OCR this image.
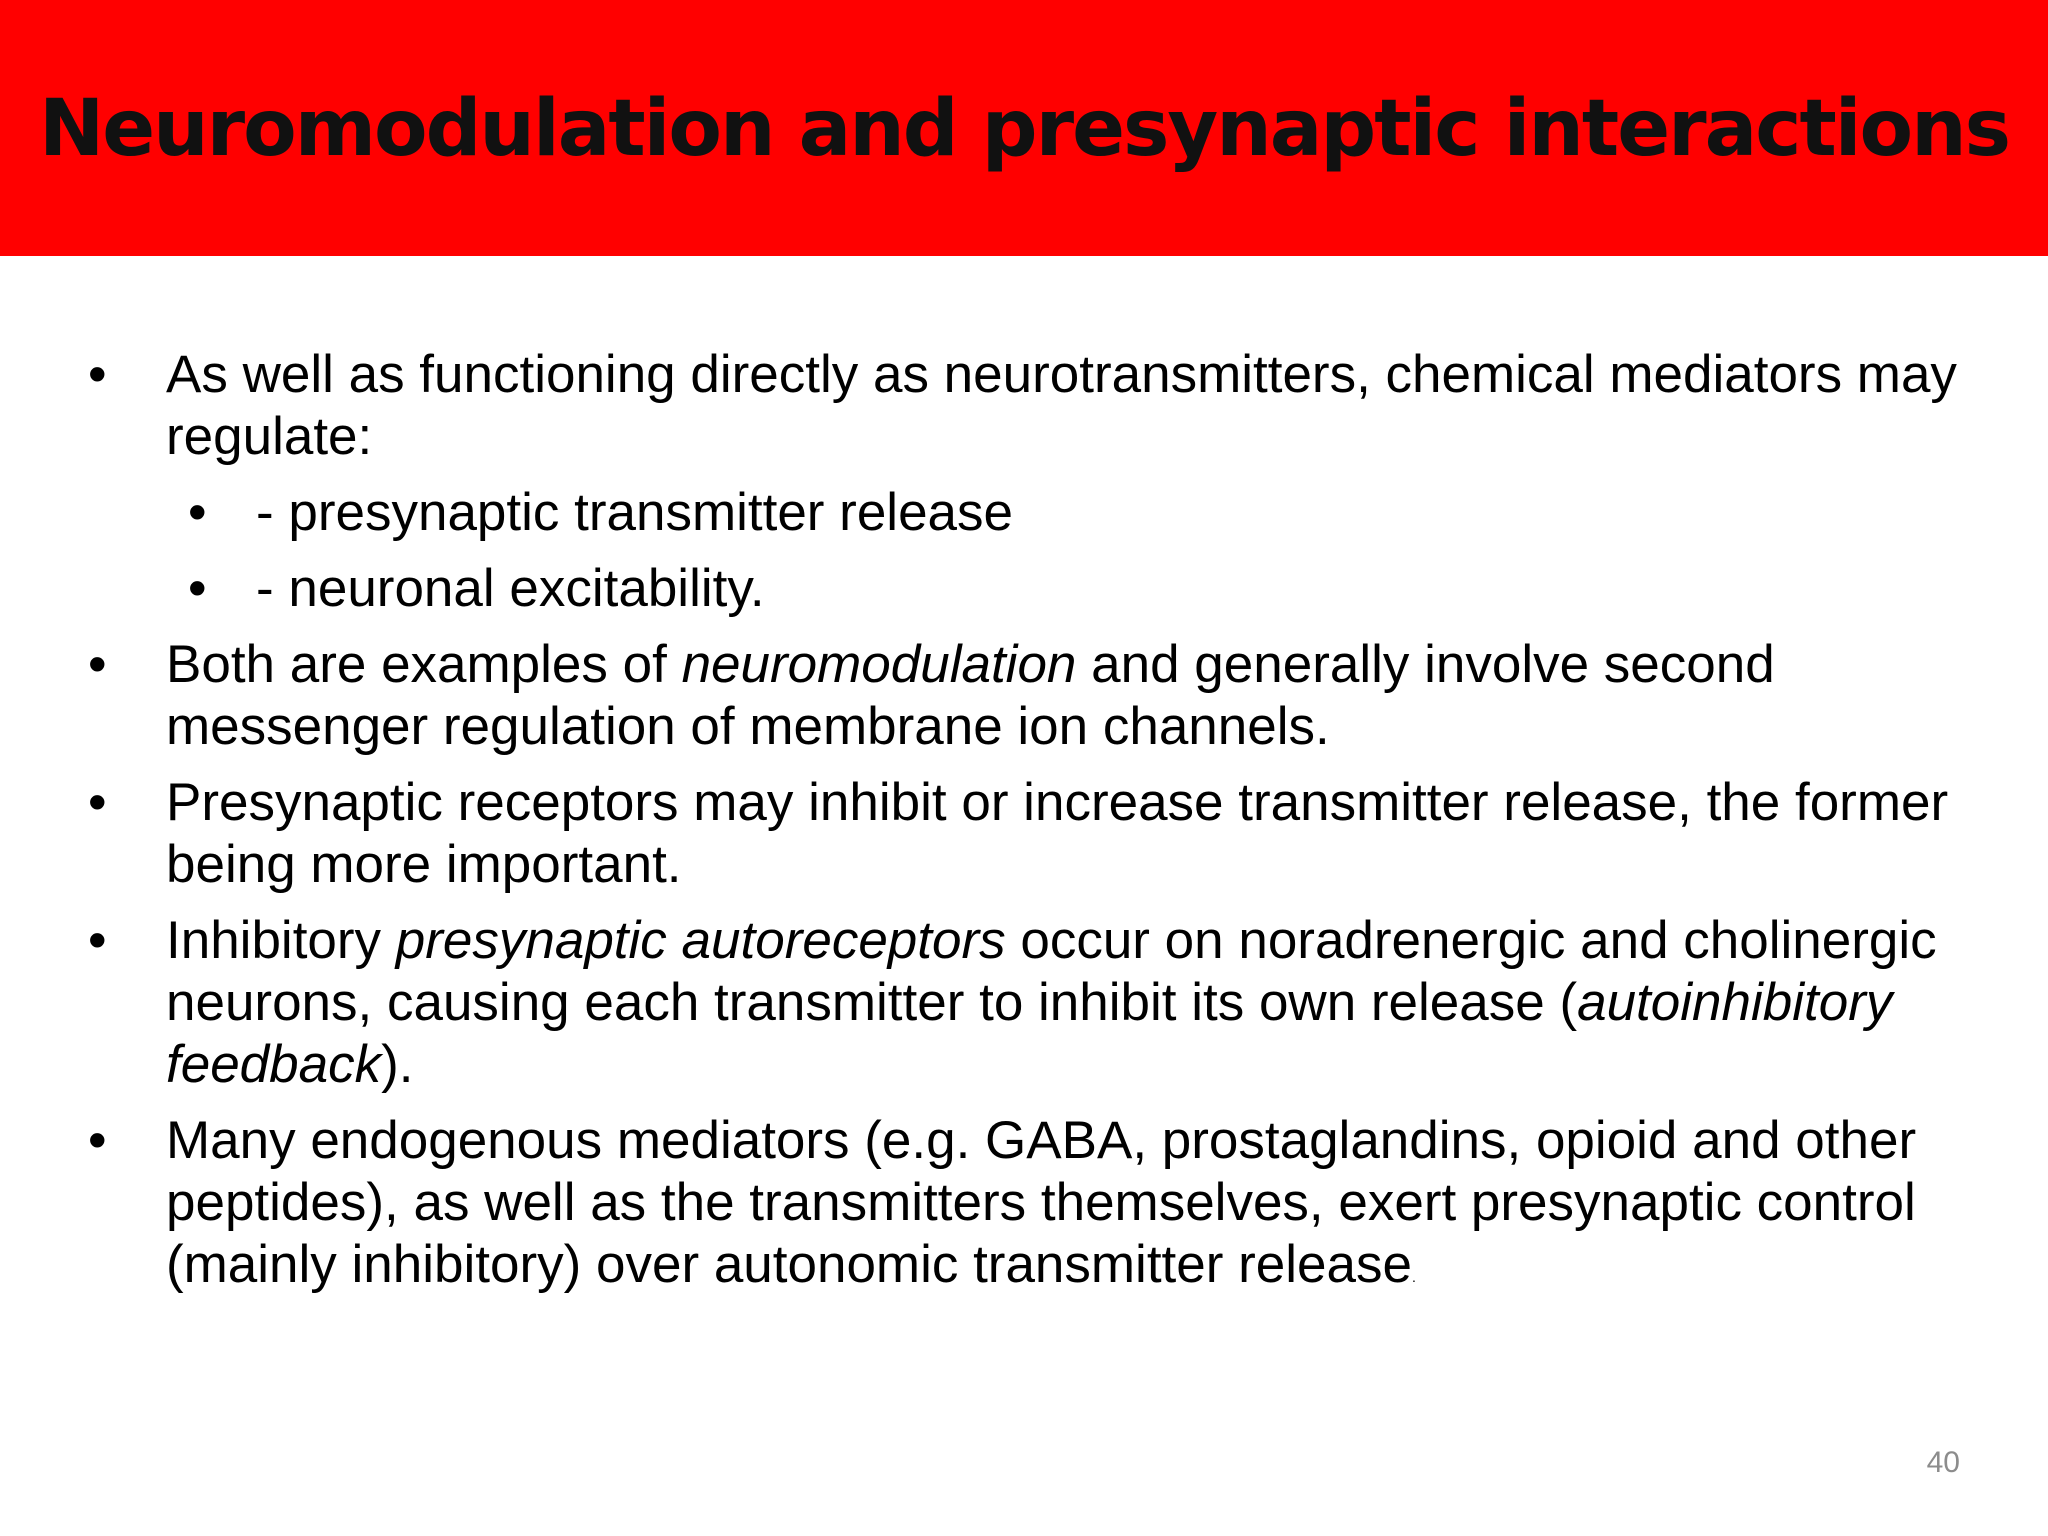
Neuromodulation and presynaptic interactions
• As well as functioning directly as neurotransmitters, chemical mediators may regulate:
• - presynaptic transmitter release
• - neuronal excitability.
• Both are examples of neuromodulation and generally involve second messenger regulation of membrane ion channels.
• Presynaptic receptors may inhibit or increase transmitter release, the former being more important.
• Inhibitory presynaptic autoreceptors occur on noradrenergic and cholinergic neurons, causing each transmitter to inhibit its own release (autoinhibitory feedback).
• Many endogenous mediators (e.g. GABA, prostaglandins, opioid and other peptides), as well as the transmitters themselves, exert presynaptic control (mainly inhibitory) over autonomic transmitter release.
40
